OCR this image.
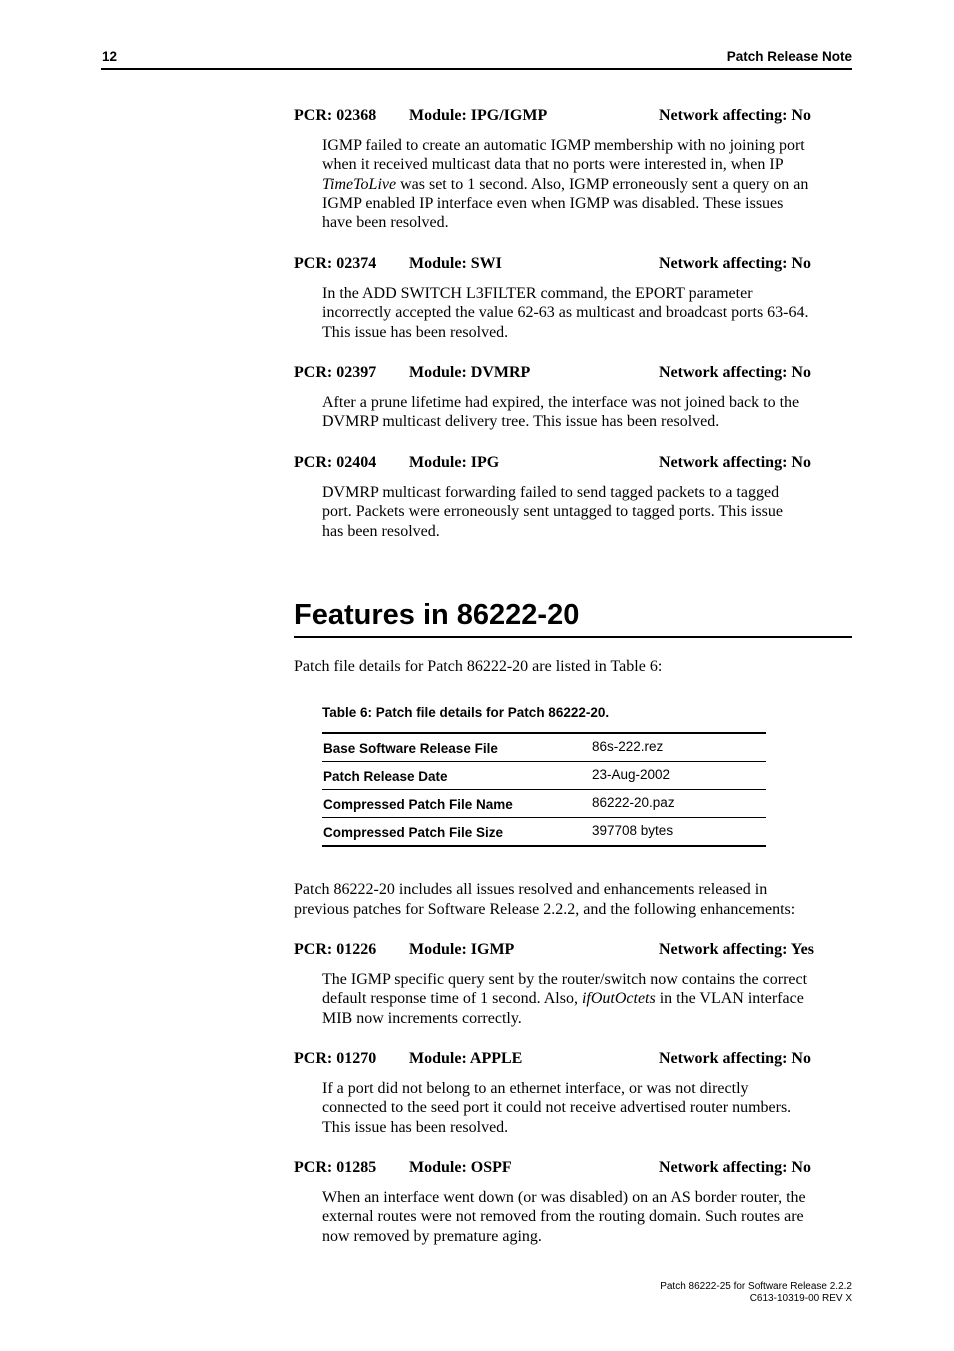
12	Patch Release Note
PCR: 02368 Module: IPG/IGMP	Network affecting: No
IGMP failed to create an automatic IGMP membership with no joining port
when it received multicast data that no ports were interested in, when IP
TimeToLive was set to 1 second. Also, IGMP erroneously sent a query on an
IGMP enabled IP interface even when IGMP was disabled. These issues
have been resolved.
PCR: 02374 Module: SWI	Network affecting: No
In the ADD SWITCH L3FILTER command, the EPORT parameter
incorrectly accepted the value 62-63 as multicast and broadcast ports 63-64.
This issue has been resolved.
PCR: 02397 Module: DVMRP	Network affecting: No
After a prune lifetime had expired, the interface was not joined back to the
DVMRP multicast delivery tree. This issue has been resolved.
PCR: 02404 Module: IPG	Network affecting: No
DVMRP multicast forwarding failed to send tagged packets to a tagged
port. Packets were erroneously sent untagged to tagged ports. This issue
has been resolved.
Features in 86222-20
Patch file details for Patch 86222-20 are listed in Table 6:
Table 6: Patch file details for Patch 86222-20.
Base Software Release File	86s-222.rez
Patch Release Date	23-Aug-2002
Compressed Patch File Name	86222-20.paz
Compressed Patch File Size	397708 bytes
Patch 86222-20 includes all issues resolved and enhancements released in
previous patches for Software Release 2.2.2, and the following enhancements:
PCR: 01226 Module: IGMP	Network affecting: Yes
The IGMP specific query sent by the router/switch now contains the correct
default response time of 1 second. Also, ifOutOctets in the VLAN interface
MIB now increments correctly.
PCR: 01270 Module: APPLE	Network affecting: No
If a port did not belong to an ethernet interface, or was not directly
connected to the seed port it could not receive advertised router numbers.
This issue has been resolved.
PCR: 01285 Module: OSPF	Network affecting: No
When an interface went down (or was disabled) on an AS border router, the
external routes were not removed from the routing domain. Such routes are
now removed by premature aging.
Patch 86222-25 for Software Release 2.2.2
C613-10319-00 REV X
